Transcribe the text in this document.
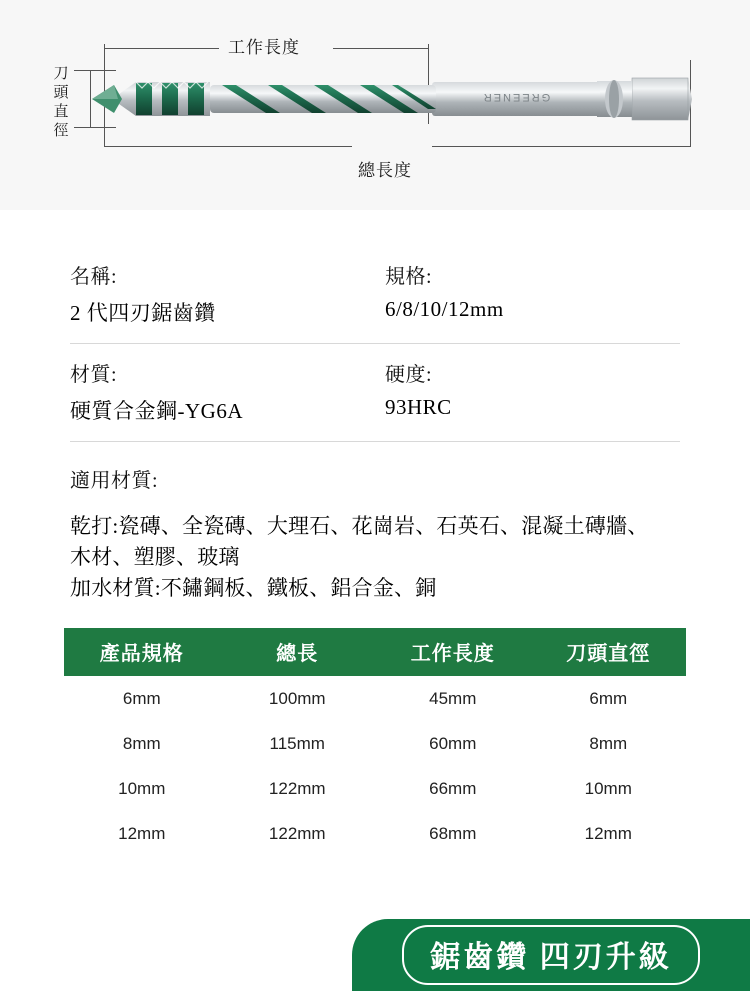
工作長度
總長度
刀頭直徑
GREENER
名稱:
2 代四刃鋸齒鑽
規格:
6/8/10/12mm
材質:
硬質合金鋼-YG6A
硬度:
93HRC
適用材質:
乾打:瓷磚、全瓷磚、大理石、花崗岩、石英石、混凝土磚牆、
木材、塑膠、玻璃
加水材質:不鏽鋼板、鐵板、鋁合金、銅
產品規格	總長	工作長度	刀頭直徑
6mm	100mm	45mm	6mm
8mm	115mm	60mm	8mm
10mm	122mm	66mm	10mm
12mm	122mm	68mm	12mm
鋸齒鑽 四刃升級
